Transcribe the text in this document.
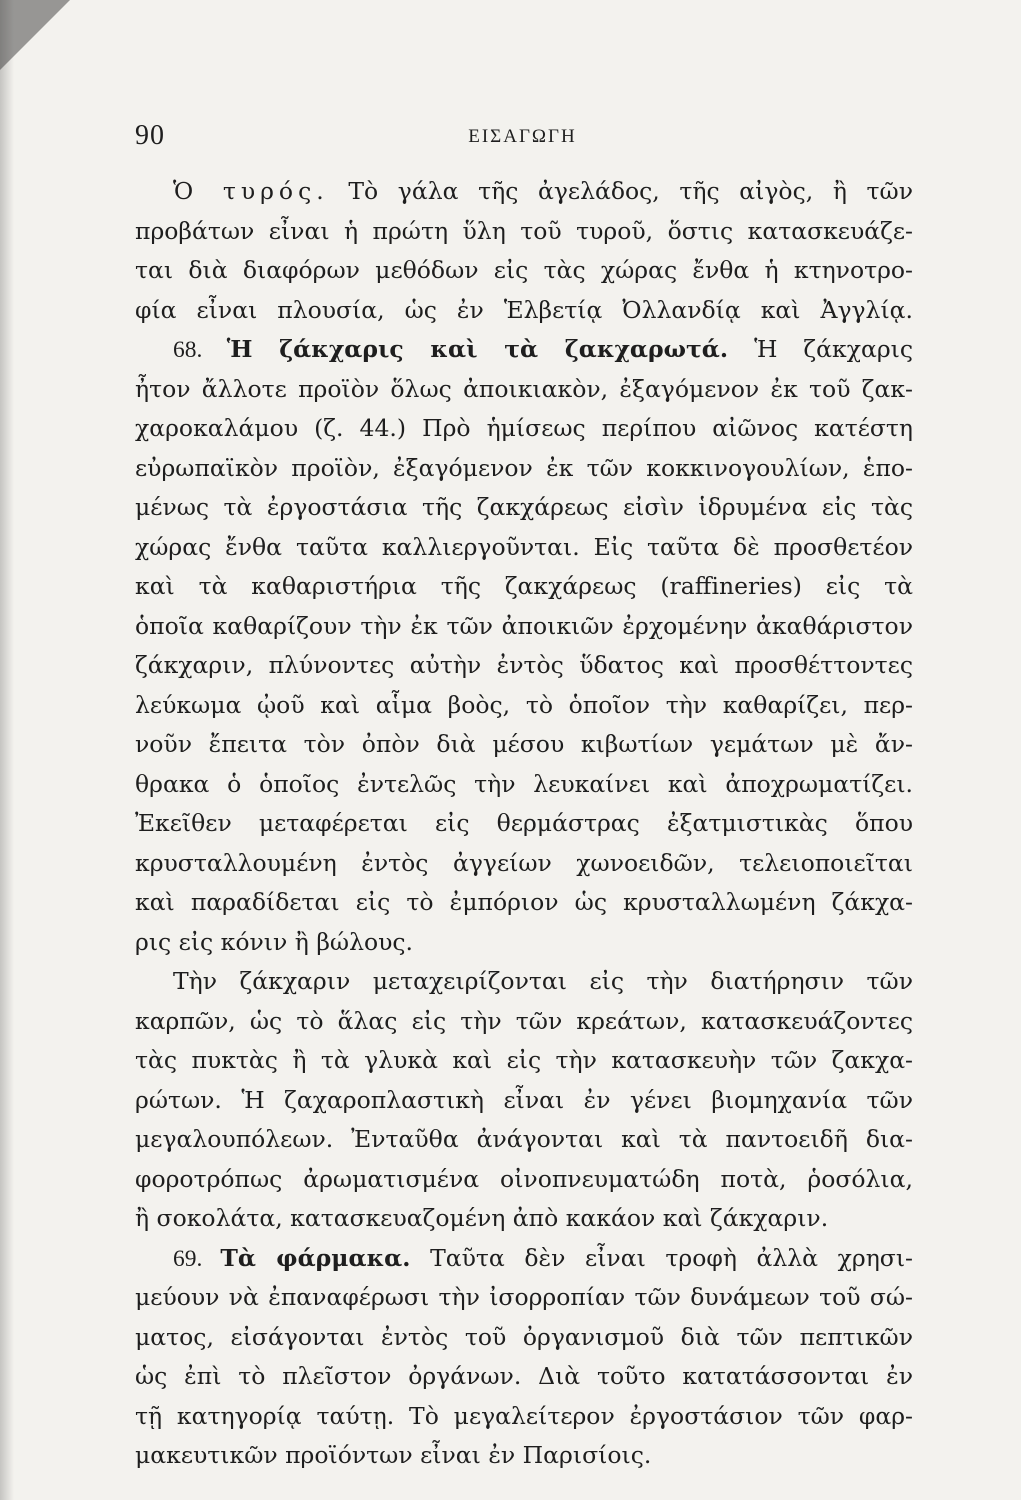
90	ΕΙΣΑΓΩΓΗ
Ὁ τυρός. Τὸ γάλα τῆς ἀγελάδος, τῆς αἰγὸς, ἢ τῶν
προβάτων εἶναι ἡ πρώτη ὕλη τοῦ τυροῦ, ὅστις κατασκευάζε-
ται διὰ διαφόρων μεθόδων εἰς τὰς χώρας ἔνθα ἡ κτηνοτρο-
φία εἶναι πλουσία, ὡς ἐν Ἑλβετίᾳ Ὀλλανδίᾳ καὶ Ἀγγλίᾳ.
68. Ἡ ζάκχαρις καὶ τὰ ζακχαρωτά. Ἡ ζάκχαρις
ἦτον ἄλλοτε προϊὸν ὅλως ἀποικιακὸν, ἐξαγόμενον ἐκ τοῦ ζακ-
χαροκαλάμου (ζ. 44.) Πρὸ ἡμίσεως περίπου αἰῶνος κατέστη
εὐρωπαϊκὸν προϊὸν, ἐξαγόμενον ἐκ τῶν κοκκινογουλίων, ἑπο-
μένως τὰ ἐργοστάσια τῆς ζακχάρεως εἰσὶν ἱδρυμένα εἰς τὰς
χώρας ἔνθα ταῦτα καλλιεργοῦνται. Εἰς ταῦτα δὲ προσθετέον
καὶ τὰ καθαριστήρια τῆς ζακχάρεως (raffineries) εἰς τὰ
ὁποῖα καθαρίζουν τὴν ἐκ τῶν ἀποικιῶν ἐρχομένην ἀκαθάριστον
ζάκχαριν, πλύνοντες αὐτὴν ἐντὸς ὕδατος καὶ προσθέττοντες
λεύκωμα ᾠοῦ καὶ αἷμα βοὸς, τὸ ὁποῖον τὴν καθαρίζει, περ-
νοῦν ἔπειτα τὸν ὀπὸν διὰ μέσου κιβωτίων γεμάτων μὲ ἄν-
θρακα ὁ ὁποῖος ἐντελῶς τὴν λευκαίνει καὶ ἀποχρωματίζει.
Ἐκεῖθεν μεταφέρεται εἰς θερμάστρας ἐξατμιστικὰς ὅπου
κρυσταλλουμένη ἐντὸς ἀγγείων χωνοειδῶν, τελειοποιεῖται
καὶ παραδίδεται εἰς τὸ ἐμπόριον ὡς κρυσταλλωμένη ζάκχα-
ρις εἰς κόνιν ἢ βώλους.
Τὴν ζάκχαριν μεταχειρίζονται εἰς τὴν διατήρησιν τῶν
καρπῶν, ὡς τὸ ἅλας εἰς τὴν τῶν κρεάτων, κατασκευάζοντες
τὰς πυκτὰς ἢ τὰ γλυκὰ καὶ εἰς τὴν κατασκευὴν τῶν ζακχα-
ρώτων. Ἡ ζαχαροπλαστικὴ εἶναι ἐν γένει βιομηχανία τῶν
μεγαλουπόλεων. Ἐνταῦθα ἀνάγονται καὶ τὰ παντοειδῆ δια-
φοροτρόπως ἀρωματισμένα οἰνοπνευματώδη ποτὰ, ῥοσόλια,
ἢ σοκολάτα, κατασκευαζομένη ἀπὸ κακάον καὶ ζάκχαριν.
69. Τὰ φάρμακα. Ταῦτα δὲν εἶναι τροφὴ ἀλλὰ χρησι-
μεύουν νὰ ἐπαναφέρωσι τὴν ἰσορροπίαν τῶν δυνάμεων τοῦ σώ-
ματος, εἰσάγονται ἐντὸς τοῦ ὀργανισμοῦ διὰ τῶν πεπτικῶν
ὡς ἐπὶ τὸ πλεῖστον ὀργάνων. Διὰ τοῦτο κατατάσσονται ἐν
τῇ κατηγορίᾳ ταύτῃ. Τὸ μεγαλείτερον ἐργοστάσιον τῶν φαρ-
μακευτικῶν προϊόντων εἶναι ἐν Παρισίοις.
